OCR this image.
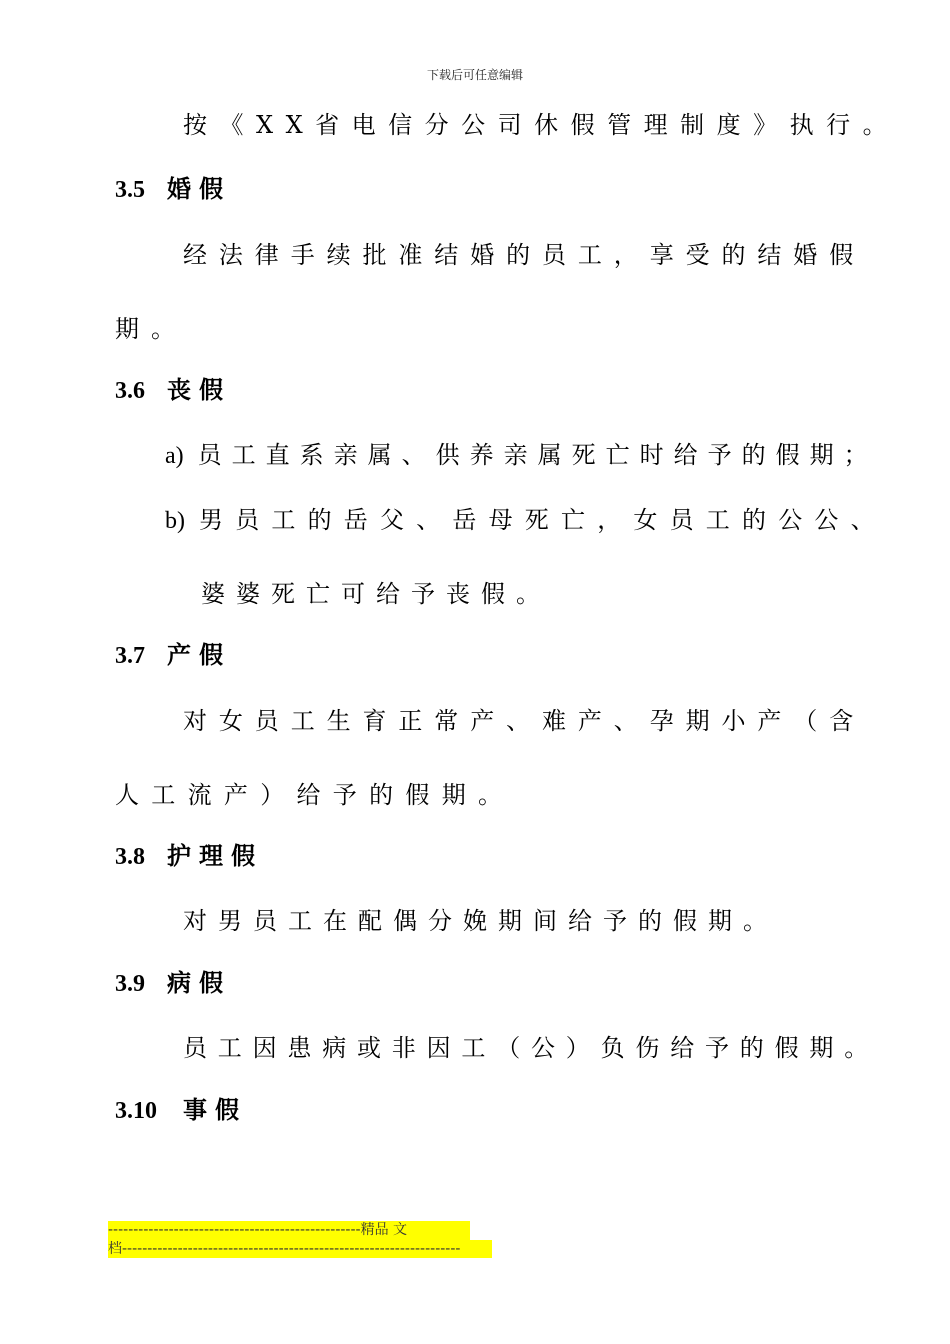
下载后可任意编辑
按《XX省电信分公司休假管理制度》执行。
3.5 婚假
经法律手续批准结婚的员工，享受的结婚假
期。
3.6 丧假
a) 员工直系亲属、供养亲属死亡时给予的假期；
b) 男员工的岳父、岳母死亡，女员工的公公、
婆婆死亡可给予丧假。
3.7 产假
对女员工生育正常产、难产、孕期小产（含
人工流产）给予的假期。
3.8 护理假
对男员工在配偶分娩期间给予的假期。
3.9 病假
员工因患病或非因工（公）负伤给予的假期。
3.10 事假
--------------------------------------------------精品 文
档-------------------------------------------------------------------
